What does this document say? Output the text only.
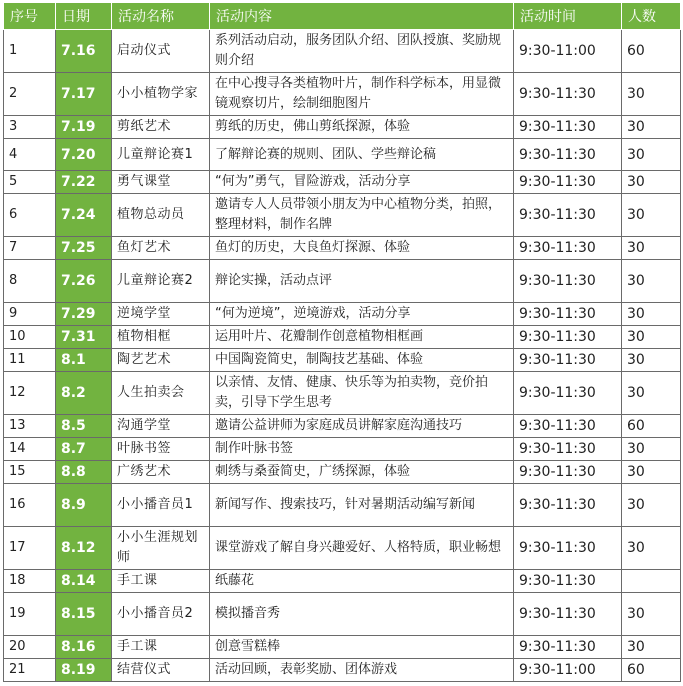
序号	日期	活动名称	活动内容	活动时间	人数
1	7.16	启动仪式	系列活动启动，服务团队介绍、团队授旗、奖励规则介绍	9:30-11:00	60
2	7.17	小小植物学家	在中心搜寻各类植物叶片，制作科学标本，用显微镜观察切片，绘制细胞图片	9:30-11:30	30
3	7.19	剪纸艺术	剪纸的历史，佛山剪纸探源，体验	9:30-11:30	30
4	7.20	儿童辩论赛1	了解辩论赛的规则、团队、学些辩论稿	9:30-11:30	30
5	7.22	勇气课堂	“何为”勇气，冒险游戏，活动分享	9:30-11:30	30
6	7.24	植物总动员	邀请专人人员带领小朋友为中心植物分类，拍照，整理材料，制作名牌	9:30-11:30	30
7	7.25	鱼灯艺术	鱼灯的历史，大良鱼灯探源、体验	9:30-11:30	30
8	7.26	儿童辩论赛2	辩论实操，活动点评	9:30-11:30	30
9	7.29	逆境学堂	“何为逆境”，逆境游戏，活动分享	9:30-11:30	30
10	7.31	植物相框	运用叶片、花瓣制作创意植物相框画	9:30-11:30	30
11	8.1	陶艺艺术	中国陶瓷简史，制陶技艺基础、体验	9:30-11:30	30
12	8.2	人生拍卖会	以亲情、友情、健康、快乐等为拍卖物，竞价拍卖，引导下学生思考	9:30-11:30	30
13	8.5	沟通学堂	邀请公益讲师为家庭成员讲解家庭沟通技巧	9:30-11:30	60
14	8.7	叶脉书签	制作叶脉书签	9:30-11:30	30
15	8.8	广绣艺术	刺绣与桑蚕简史，广绣探源，体验	9:30-11:30	30
16	8.9	小小播音员1	新闻写作、搜索技巧，针对暑期活动编写新闻	9:30-11:30	30
17	8.12	小小生涯规划师	课堂游戏了解自身兴趣爱好、人格特质，职业畅想	9:30-11:30	30
18	8.14	手工课	纸藤花	9:30-11:30	
19	8.15	小小播音员2	模拟播音秀	9:30-11:30	30
20	8.16	手工课	创意雪糕棒	9:30-11:30	30
21	8.19	结营仪式	活动回顾，表彰奖励、团体游戏	9:30-11:00	60
